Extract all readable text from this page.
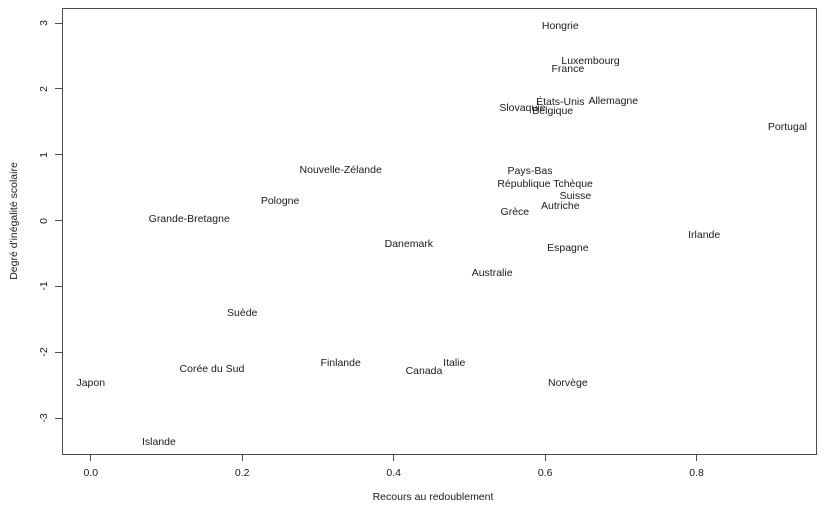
Degré d'inégalité scolaire
Recours au redoublement
0.0	0.2	0.4	0.6	0.8
3
2
1
0
-1
-2
-3
Hongrie
Luxembourg
France
États-Unis Allemagne
Slovaquie
Belgique
Portugal
Nouvelle-Zélande	Pays-Bas
République Tchèque
Suisse
Pologne	Autriche
Grèce
Grande-Bretagne
Irlande
Danemark	Espagne
Australie
Suède
Finlande	Italie
Corée du Sud	Canada
Norvège
Japon
Islande
